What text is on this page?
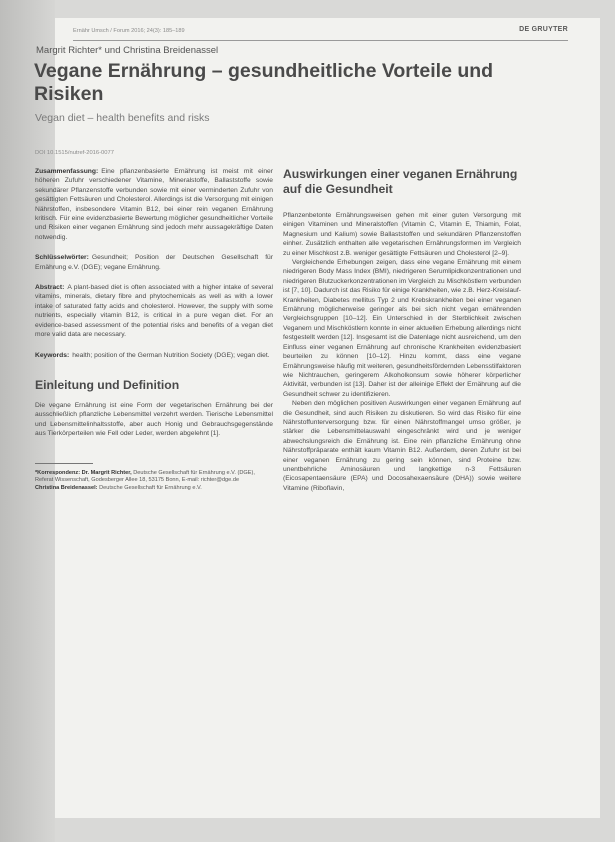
Ernähr Umsch / Forum 2016; 24(3): 185–189	DE GRUYTER
Margrit Richter* und Christina Breidenassel
Vegane Ernährung – gesundheitliche Vorteile und Risiken
Vegan diet – health benefits and risks
DOI 10.1515/nutref-2016-0077

Zusammenfassung: Eine pflanzenbasierte Ernährung ist meist mit einer höheren Zufuhr verschiedener Vitamine, Mineralstoffe, Ballaststoffe sowie sekundärer Pflanzenstoffe verbunden sowie mit einer verminderten Zufuhr von gesättigten Fettsäuren und Cholesterol. Allerdings ist die Versorgung mit einigen Nährstoffen, insbesondere Vitamin B12, bei einer rein veganen Ernährung kritisch. Für eine evidenzbasierte Bewertung möglicher gesundheitlicher Vorteile und Risiken einer veganen Ernährung sind jedoch mehr aussagekräftige Daten notwendig.

Schlüsselwörter: Gesundheit; Position der Deutschen Gesellschaft für Ernährung e.V. (DGE); vegane Ernährung.

Abstract: A plant-based diet is often associated with a higher intake of several vitamins, minerals, dietary fibre and phytochemicals as well as with a lower intake of saturated fatty acids and cholesterol. However, the supply with some nutrients, especially vitamin B12, is critical in a pure vegan diet. For an evidence-based assessment of the potential risks and benefits of a vegan diet more valid data are necessary.

Keywords: health; position of the German Nutrition Society (DGE); vegan diet.

Einleitung und Definition

Die vegane Ernährung ist eine Form der vegetarischen Ernährung bei der ausschließlich pflanzliche Lebensmittel verzehrt werden. Tierische Lebensmittel und Lebensmittelinhaltsstoffe, aber auch Honig und Gebrauchsgegenstände aus Tierkörperteilen wie Fell oder Leder, werden abgelehnt [1].

*Korrespondenz: Dr. Margrit Richter, Deutsche Gesellschaft für Ernährung e.V. (DGE), Referat Wissenschaft, Godesberger Allee 18, 53175 Bonn, E-mail: richter@dge.de

Christina Breidenassel: Deutsche Gesellschaft für Ernährung e.V.

Auswirkungen einer veganen Ernährung auf die Gesundheit

Pflanzenbetonte Ernährungsweisen gehen mit einer guten Versorgung mit einigen Vitaminen und Mineralstoffen (Vitamin C, Vitamin E, Thiamin, Folat, Magnesium und Kalium) sowie Ballaststoffen und sekundären Pflanzenstoffen einher. Zusätzlich enthalten alle vegetarischen Ernährungsformen im Vergleich zu einer Mischkost z.B. weniger gesättigte Fettsäuren und Cholesterol [2–9].

Vergleichende Erhebungen zeigen, dass eine vegane Ernährung mit einem niedrigeren Body Mass Index (BMI), niedrigeren Serumlipidkonzentrationen und niedrigeren Blutzuckerkonzentrationen im Vergleich zu Mischköstlern verbunden ist [7, 10]. Dadurch ist das Risiko für einige Krankheiten, wie z.B. Herz-Kreislauf-Krankheiten, Diabetes mellitus Typ 2 und Krebskrankheiten bei einer veganen Ernährung möglicherweise geringer als bei sich nicht vegan ernährenden Vergleichsgruppen [10–12]. Ein Unterschied in der Sterblichkeit zwischen Veganern und Mischköstlern konnte in einer aktuellen Erhebung allerdings nicht festgestellt werden [12]. Insgesamt ist die Datenlage nicht ausreichend, um den Einfluss einer veganen Ernährung auf chronische Krankheiten evidenzbasiert beurteilen zu können [10–12]. Hinzu kommt, dass eine vegane Ernährungsweise häufig mit weiteren, gesundheitsfördernden Lebensstilfaktoren wie Nichtrauchen, geringerem Alkoholkonsum sowie höherer körperlicher Aktivität, verbunden ist [13]. Daher ist der alleinige Effekt der Ernährung auf die Gesundheit schwer zu identifizieren.

Neben den möglichen positiven Auswirkungen einer veganen Ernährung auf die Gesundheit, sind auch Risiken zu diskutieren. So wird das Risiko für eine Nährstoffunterversorgung bzw. für einen Nährstoffmangel umso größer, je stärker die Lebensmittelauswahl eingeschränkt wird und je weniger abwechslungsreich die Ernährung ist. Eine rein pflanzliche Ernährung ohne Nährstoffpräparate enthält kaum Vitamin B12. Außerdem, deren Zufuhr ist bei einer veganen Ernährung zu gering sein können, sind Proteine bzw. unentbehrliche Aminosäuren und langkettige n-3 Fettsäuren (Eicosapentaensäure (EPA) und Docosahexaensäure (DHA)) sowie weitere Vitamine (Riboflavin,
